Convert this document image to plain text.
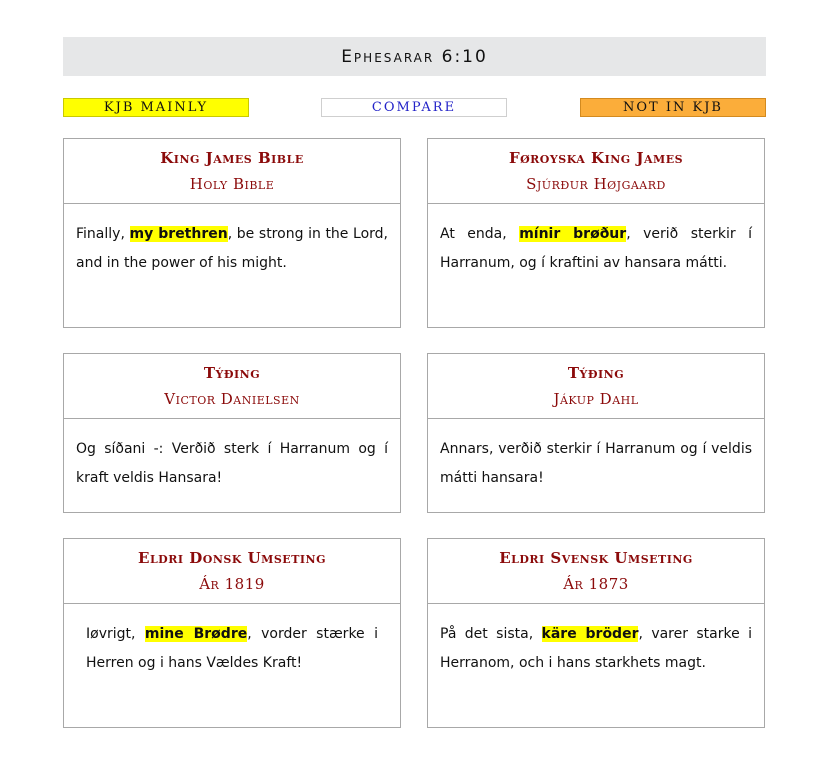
Ephesarar 6:10
KJB MAINLY	COMPARE	NOT IN KJB
King James Bible
Holy Bible
Finally, my brethren, be strong in the Lord, and in the power of his might.
Føroyska King James
Sjúrður Højgaard
At enda, mínir brøður, verið sterkir í Harranum, og í kraftini av hansara mátti.
Týðing
Victor Danielsen
Og síðani -: Verðið sterk í Harranum og í kraft veldis Hansara!
Týðing
Jákup Dahl
Annars, verðið sterkir í Harranum og í veldis mátti hansara!
Eldri Donsk Umseting
Ár 1819
Iøvrigt, mine Brødre, vorder stærke i Herren og i hans Vældes Kraft!
Eldri Svensk Umseting
Ár 1873
På det sista, käre bröder, varer starke i Herranom, och i hans starkhets magt.
